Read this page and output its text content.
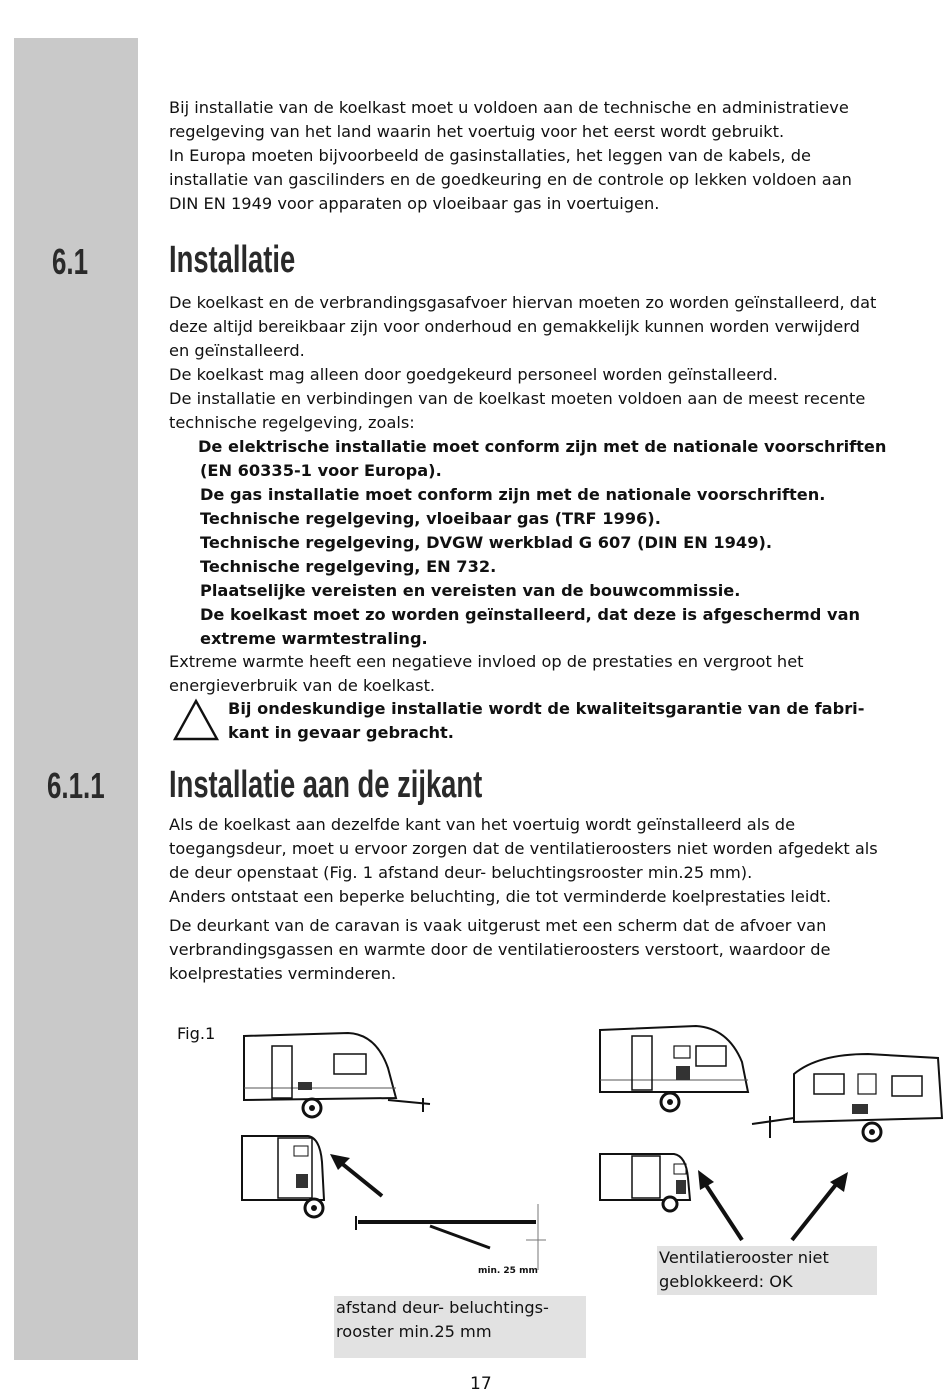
Bij installatie van de koelkast moet u voldoen aan de technische en administratieve
regelgeving van het land waarin het voertuig voor het eerst wordt gebruikt.
In Europa moeten bijvoorbeeld de gasinstallaties, het leggen van de kabels, de
installatie van gascilinders en de goedkeuring en de controle op lekken voldoen aan
DIN EN 1949 voor apparaten op vloeibaar gas in voertuigen.
6.1 Installatie
De koelkast en de verbrandingsgasafvoer hiervan moeten zo worden geïnstalleerd, dat
deze altijd bereikbaar zijn voor onderhoud en gemakkelijk kunnen worden verwijderd
en geïnstalleerd.
De koelkast mag alleen door goedgekeurd personeel worden geïnstalleerd.
De installatie en verbindingen van de koelkast moeten voldoen aan de meest recente
technische regelgeving, zoals:
De elektrische installatie moet conform zijn met de nationale voorschriften
(EN 60335-1 voor Europa).
De gas installatie moet conform zijn met de nationale voorschriften.
Technische regelgeving, vloeibaar gas (TRF 1996).
Technische regelgeving, DVGW werkblad G 607 (DIN EN 1949).
Technische regelgeving, EN 732.
Plaatselijke vereisten en vereisten van de bouwcommissie.
De koelkast moet zo worden geïnstalleerd, dat deze is afgeschermd van
extreme warmtestraling.
Extreme warmte heeft een negatieve invloed op de prestaties en vergroot het
energieverbruik van de koelkast.
Bij ondeskundige installatie wordt de kwaliteitsgarantie van de fabri-
kant in gevaar gebracht.
6.1.1 Installatie aan de zijkant
Als de koelkast aan dezelfde kant van het voertuig wordt geïnstalleerd als de
toegangsdeur, moet u ervoor zorgen dat de ventilatieroosters niet worden afgedekt als
de deur openstaat (Fig. 1 afstand deur- beluchtingsrooster min.25 mm).
Anders ontstaat een beperke beluchting, die tot verminderde koelprestaties leidt.
De deurkant van de caravan is vaak uitgerust met een scherm dat de afvoer van
verbrandingsgassen en warmte door de ventilatieroosters verstoort, waardoor de
koelprestaties verminderen.
Fig.1
min. 25 mm
Ventilatierooster niet
geblokkeerd: OK
afstand deur- beluchtings-
rooster min.25 mm
17
